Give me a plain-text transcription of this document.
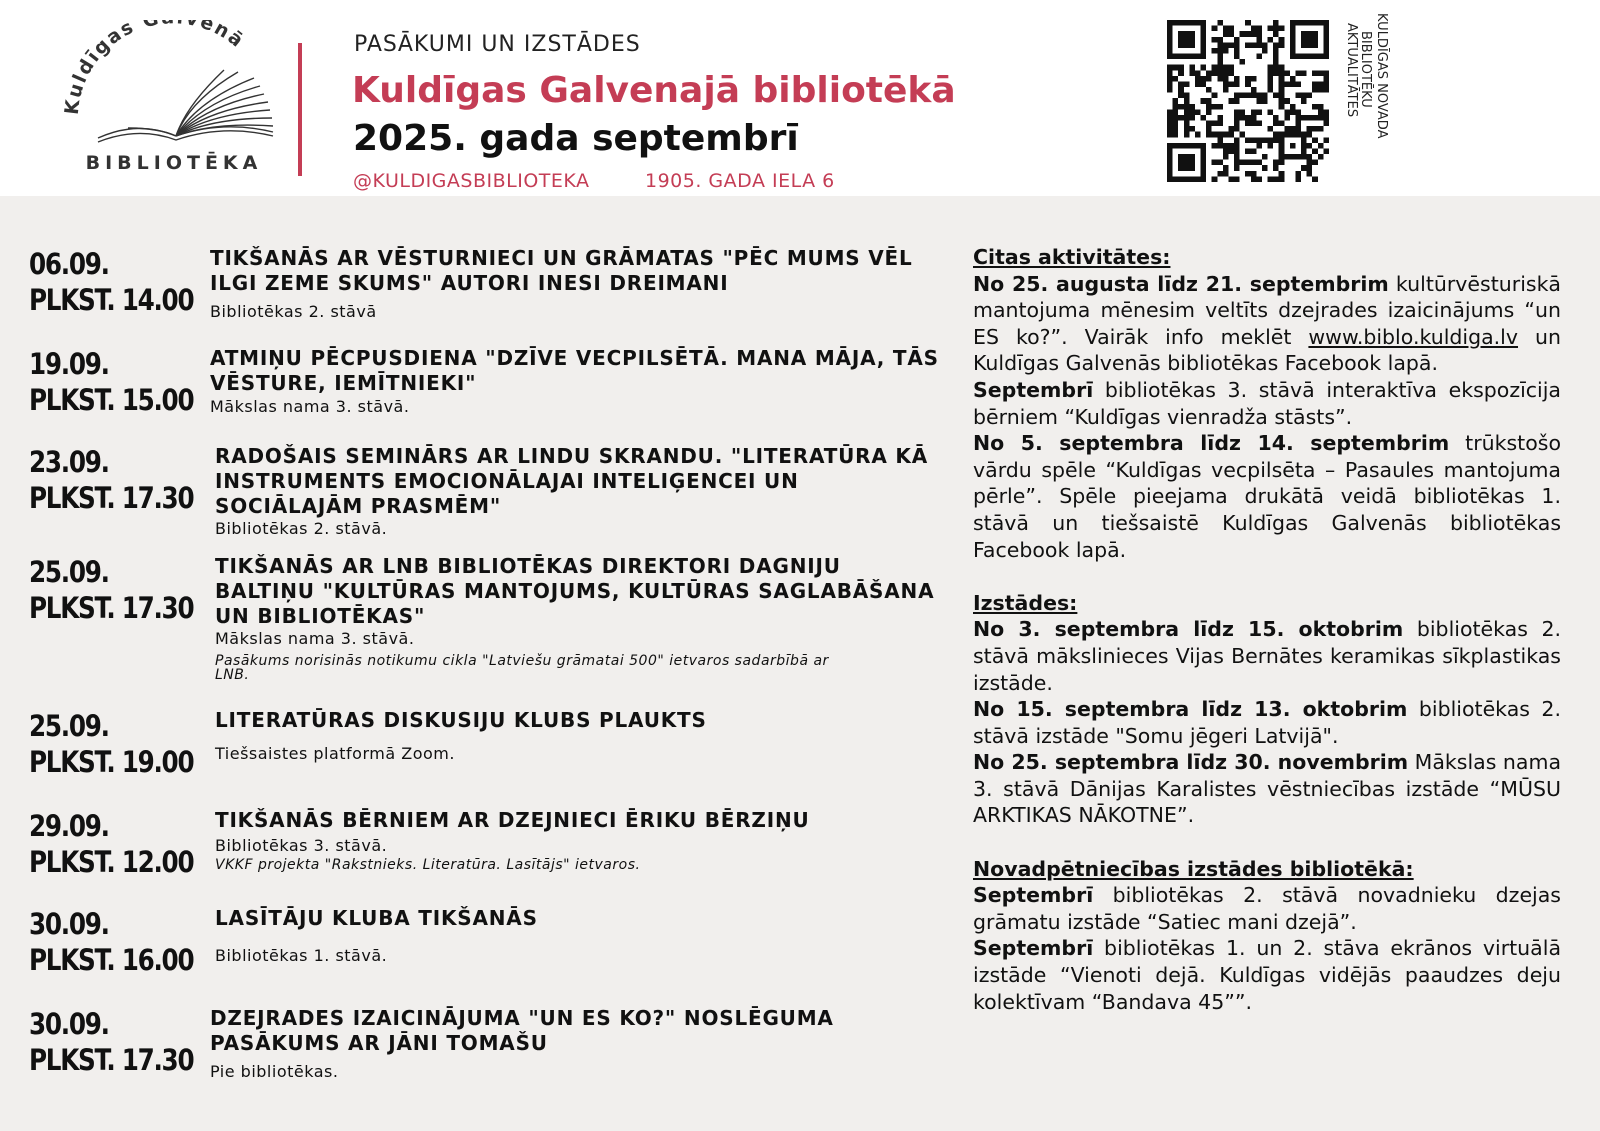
Kuldīgas enā
BIBLIOTĒKA
PASĀKUMI UN IZSTĀDES
Kuldīgas Galvenajā bibliotēkā
2025. gada septembrī
@KULDIGASBIBLIOTEKA	1905. GADA IELA 6
KULDĪGAS NOVADA
BIBLIOTĒKU
AKTUALITĀTES
06.09.
PLKST. 14.00
TIKŠANĀS AR VĒSTURNIECI UN GRĀMATAS "PĒC MUMS VĒL ILGI ZEME SKUMS" AUTORI INESI DREIMANI
Bibliotēkas 2. stāvā
19.09.
PLKST. 15.00
ATMIŅU PĒCPUSDIENA "DZĪVE VECPILSĒTĀ. MANA MĀJA, TĀS VĒSTURE, IEMĪTNIEKI"
Mākslas nama 3. stāvā.
23.09.
PLKST. 17.30
RADOŠAIS SEMINĀRS AR LINDU SKRANDU. "LITERATŪRA KĀ INSTRUMENTS EMOCIONĀLAJAI INTELIĢENCEI UN SOCIĀLAJĀM PRASMĒM"
Bibliotēkas 2. stāvā.
25.09.
PLKST. 17.30
TIKŠANĀS AR LNB BIBLIOTĒKAS DIREKTORI DAGNIJU BALTIŅU "KULTŪRAS MANTOJUMS, KULTŪRAS SAGLABĀŠANA UN BIBLIOTĒKAS"
Mākslas nama 3. stāvā.
Pasākums norisinās notikumu cikla "Latviešu grāmatai 500" ietvaros sadarbībā ar LNB.
25.09.
PLKST. 19.00
LITERATŪRAS DISKUSIJU KLUBS PLAUKTS
Tiešsaistes platformā Zoom.
29.09.
PLKST. 12.00
TIKŠANĀS BĒRNIEM AR DZEJNIECI ĒRIKU BĒRZIŅU
Bibliotēkas 3. stāvā.
VKKF projekta "Rakstnieks. Literatūra. Lasītājs" ietvaros.
30.09.
PLKST. 16.00
LASĪTĀJU KLUBA TIKŠANĀS
Bibliotēkas 1. stāvā.
30.09.
PLKST. 17.30
DZEJRADES IZAICINĀJUMA "UN ES KO?" NOSLĒGUMA PASĀKUMS AR JĀNI TOMAŠU
Pie bibliotēkas.

Citas aktivitātes:

No 25. augusta līdz 21. septembrim kultūrvēsturiskā mantojuma mēnesim veltīts dzejrades izaicinājums “un ES ko?”. Vairāk info meklēt www.biblo.kuldiga.lv un Kuldīgas Galvenās bibliotēkas Facebook lapā.

Septembrī bibliotēkas 3. stāvā interaktīva ekspozīcija bērniem “Kuldīgas vienradža stāsts”.

No 5. septembra līdz 14. septembrim trūkstošo vārdu spēle “Kuldīgas vecpilsēta – Pasaules mantojuma pērle”. Spēle pieejama drukātā veidā bibliotēkas 1. stāvā un tiešsaistē Kuldīgas Galvenās bibliotēkas Facebook lapā.

Izstādes:

No 3. septembra līdz 15. oktobrim bibliotēkas 2. stāvā mākslinieces Vijas Bernātes keramikas sīkplastikas izstāde.

No 15. septembra līdz 13. oktobrim bibliotēkas 2. stāvā izstāde "Somu jēgeri Latvijā".

No 25. septembra līdz 30. novembrim Mākslas nama 3. stāvā Dānijas Karalistes vēstniecības izstāde “MŪSU ARKTIKAS NĀKOTNE”.

Novadpētniecības izstādes bibliotēkā:

Septembrī bibliotēkas 2. stāvā novadnieku dzejas grāmatu izstāde “Satiec mani dzejā”.

Septembrī bibliotēkas 1. un 2. stāva ekrānos virtuālā izstāde “Vienoti dejā. Kuldīgas vidējās paaudzes deju kolektīvam “Bandava 45””.
